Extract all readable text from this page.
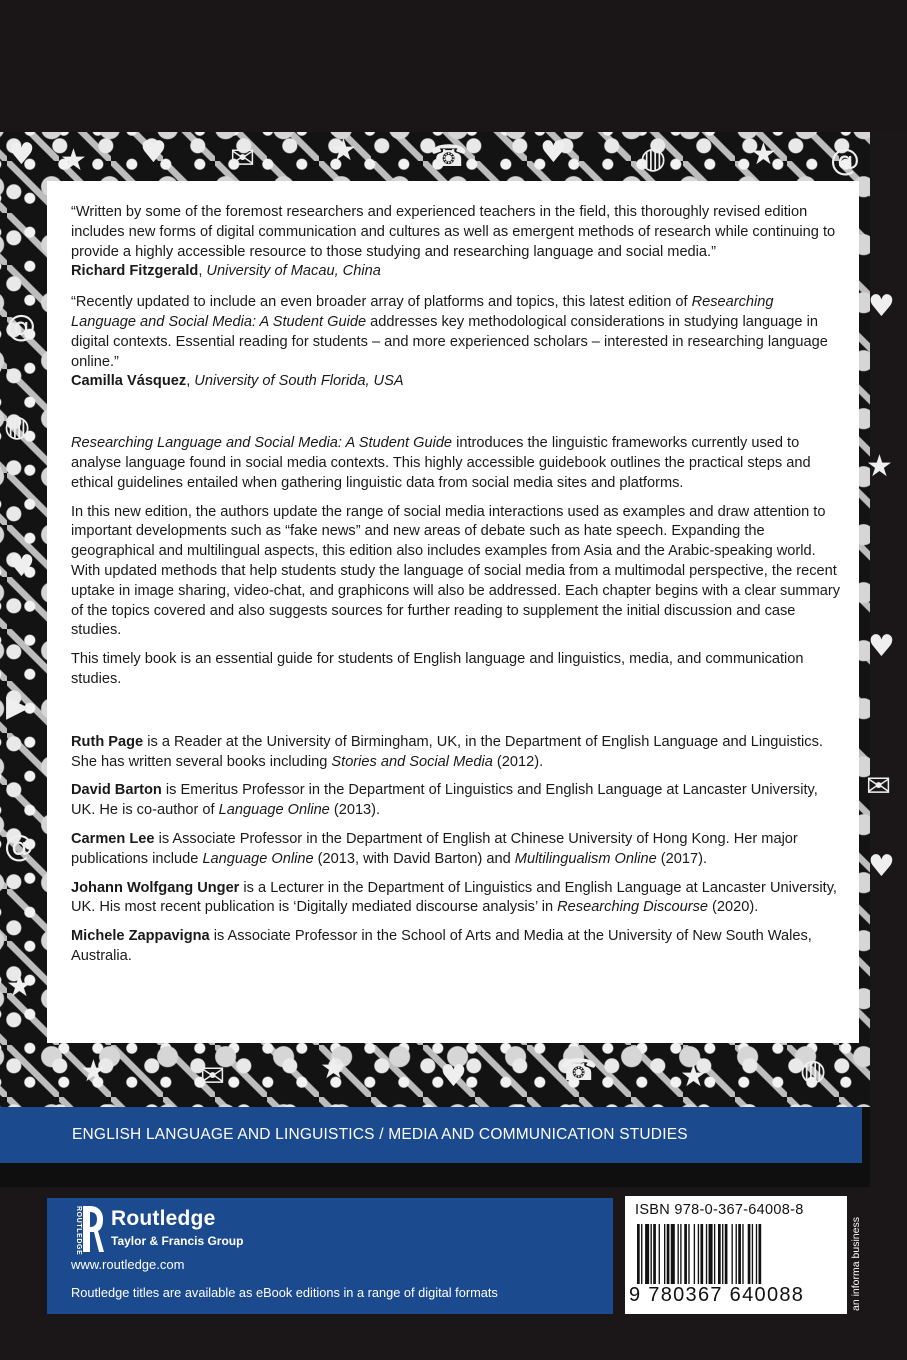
♥ ★ ♥ ✉ ★ ☎ ♥ ◍	★ @
@
◍
♥
▶
@
★
♥
★
♥
✉
♥
★	✉	★	♥	☎	★	◍
“Written by some of the foremost researchers and experienced teachers in the field, this thoroughly revised edition includes new forms of digital communication and cultures as well as emergent methods of research while continuing to provide a highly accessible resource to those studying and researching language and social media.”
Richard Fitzgerald, University of Macau, China
“Recently updated to include an even broader array of platforms and topics, this latest edition of Researching Language and Social Media: A Student Guide addresses key methodological considerations in studying language in digital contexts. Essential reading for students – and more experienced scholars – interested in researching language online.”
Camilla Vásquez, University of South Florida, USA

Researching Language and Social Media: A Student Guide introduces the linguistic frameworks currently used to analyse language found in social media contexts. This highly accessible guidebook outlines the practical steps and ethical guidelines entailed when gathering linguistic data from social media sites and platforms.

In this new edition, the authors update the range of social media interactions used as examples and draw attention to important developments such as “fake news” and new areas of debate such as hate speech. Expanding the geographical and multilingual aspects, this edition also includes examples from Asia and the Arabic-speaking world. With updated methods that help students study the language of social media from a multimodal perspective, the recent uptake in image sharing, video-chat, and graphicons will also be addressed. Each chapter begins with a clear summary of the topics covered and also suggests sources for further reading to supplement the initial discussion and case studies.

This timely book is an essential guide for students of English language and linguistics, media, and communication studies.

Ruth Page is a Reader at the University of Birmingham, UK, in the Department of English Language and Linguistics. She has written several books including Stories and Social Media (2012).

David Barton is Emeritus Professor in the Department of Linguistics and English Language at Lancaster University, UK. He is co-author of Language Online (2013).

Carmen Lee is Associate Professor in the Department of English at Chinese University of Hong Kong. Her major publications include Language Online (2013, with David Barton) and Multilingualism Online (2017).

Johann Wolfgang Unger is a Lecturer in the Department of Linguistics and English Language at Lancaster University, UK. His most recent publication is ‘Digitally mediated discourse analysis’ in Researching Discourse (2020).

Michele Zappavigna is Associate Professor in the School of Arts and Media at the University of New South Wales, Australia.

ENGLISH LANGUAGE AND LINGUISTICS / MEDIA AND COMMUNICATION STUDIES
ROUTLEDGE Routledge
Taylor & Francis Group
www.routledge.com
Routledge titles are available as eBook editions in a range of digital formats
ISBN 978-0-367-64008-8
9 780367 640088	an informa business
